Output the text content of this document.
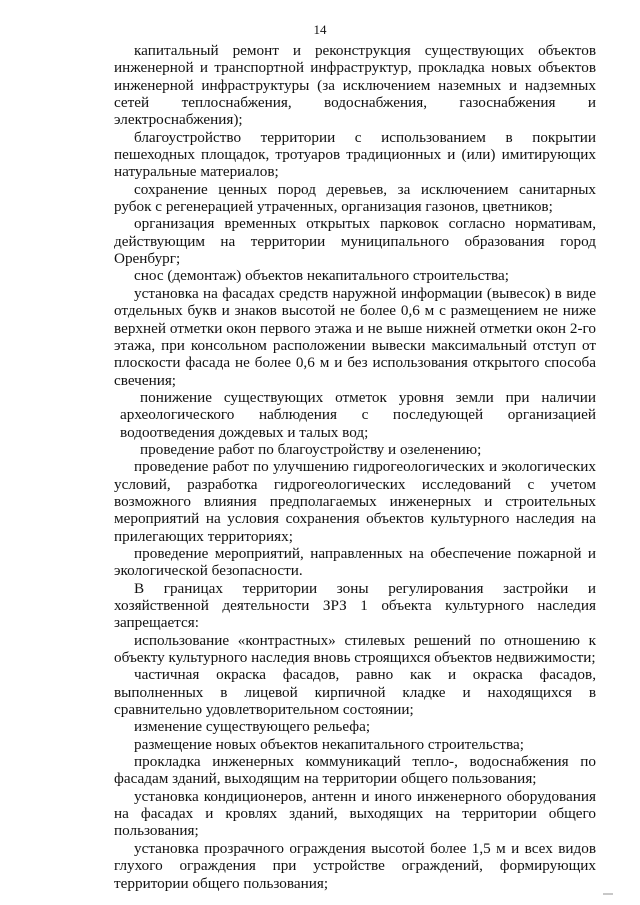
14

капитальный ремонт и реконструкция существующих объектов инженерной и транспортной инфраструктур, прокладка новых объектов инженерной инфраструктуры (за исключением наземных и надземных сетей теплоснабжения, водоснабжения, газоснабжения и электроснабжения);

благоустройство территории с использованием в покрытии пешеходных площадок, тротуаров традиционных и (или) имитирующих натуральные материалов;

сохранение ценных пород деревьев, за исключением санитарных рубок с регенерацией утраченных, организация газонов, цветников;

организация временных открытых парковок согласно нормативам, действующим на территории муниципального образования город Оренбург;

снос (демонтаж) объектов некапитального строительства;

установка на фасадах средств наружной информации (вывесок) в виде отдельных букв и знаков высотой не более 0,6 м с размещением не ниже верхней отметки окон первого этажа и не выше нижней отметки окон 2-го этажа, при консольном расположении вывески максимальный отступ от плоскости фасада не более 0,6 м и без использования открытого способа свечения;

понижение существующих отметок уровня земли при наличии археологического наблюдения с последующей организацией водоотведения дождевых и талых вод;

проведение работ по благоустройству и озеленению;

проведение работ по улучшению гидрогеологических и экологических условий, разработка гидрогеологических исследований с учетом возможного влияния предполагаемых инженерных и строительных мероприятий на условия сохранения объектов культурного наследия на прилегающих территориях;

проведение мероприятий, направленных на обеспечение пожарной и экологической безопасности.

В границах территории зоны регулирования застройки и хозяйственной деятельности ЗРЗ 1 объекта культурного наследия запрещается:

использование «контрастных» стилевых решений по отношению к объекту культурного наследия вновь строящихся объектов недвижимости;

частичная окраска фасадов, равно как и окраска фасадов, выполненных в лицевой кирпичной кладке и находящихся в сравнительно удовлетворительном состоянии;

изменение существующего рельефа;

размещение новых объектов некапитального строительства;

прокладка инженерных коммуникаций тепло-, водоснабжения по фасадам зданий, выходящим на территории общего пользования;

установка кондиционеров, антенн и иного инженерного оборудования на фасадах и кровлях зданий, выходящих на территории общего пользования;

установка прозрачного ограждения высотой более 1,5 м и всех видов глухого ограждения при устройстве ограждений, формирующих территории общего пользования;
